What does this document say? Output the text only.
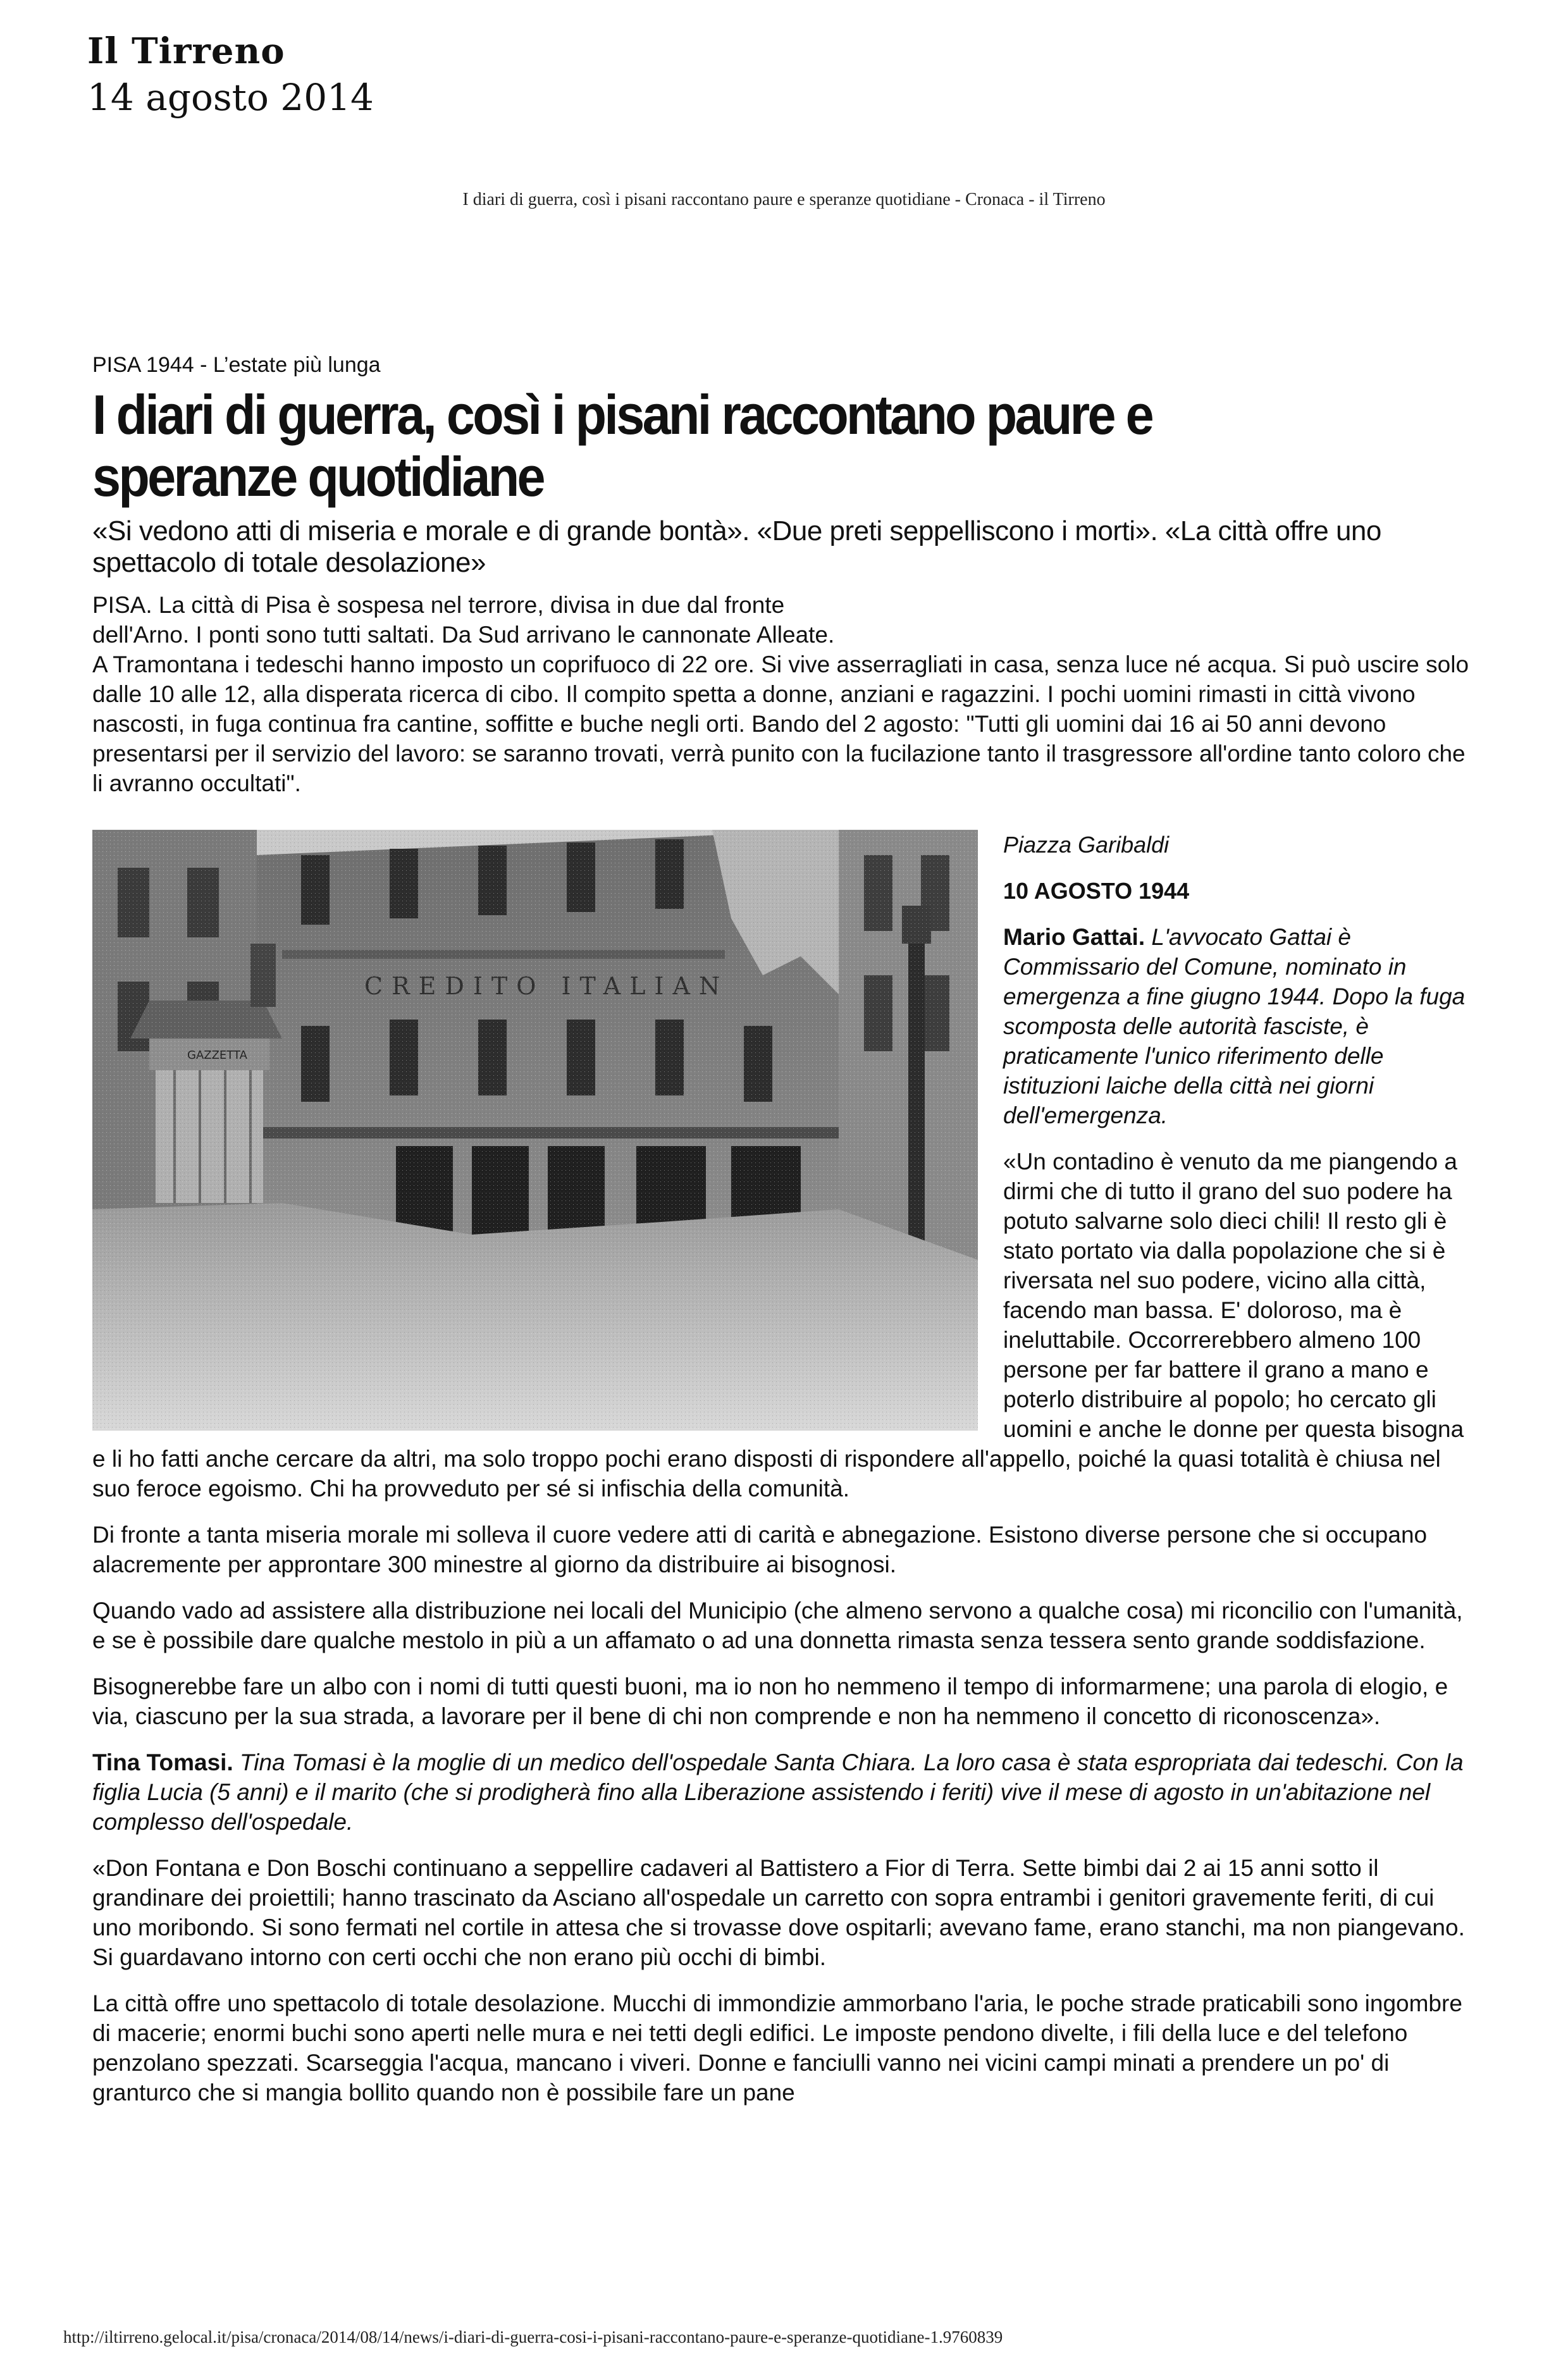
Il Tirreno
14 agosto 2014
I diari di guerra, così i pisani raccontano paure e speranze quotidiane - Cronaca - il Tirreno
PISA 1944 - L’estate più lunga
I diari di guerra, così i pisani raccontano paure e
speranze quotidiane
«Si vedono atti di miseria e morale e di grande bontà». «Due preti seppelliscono i morti». «La città offre uno spettacolo di totale desolazione»

PISA. La città di Pisa è sospesa nel terrore, divisa in due dal fronte

dell'Arno. I ponti sono tutti saltati. Da Sud arrivano le cannonate Alleate.

A Tramontana i tedeschi hanno imposto un coprifuoco di 22 ore. Si vive asserragliati in casa, senza luce né acqua. Si può uscire solo dalle 10 alle 12, alla disperata ricerca di cibo. Il compito spetta a donne, anziani e ragazzini. I pochi uomini rimasti in città vivono nascosti, in fuga continua fra cantine, soffitte e buche negli orti. Bando del 2 agosto: "Tutti gli uomini dai 16 ai 50 anni devono presentarsi per il servizio del lavoro: se saranno trovati, verrà punito con la fucilazione tanto il trasgressore all'ordine tanto coloro che li avranno occultati".

Piazza Garibaldi
10 AGOSTO 1944

Mario Gattai. L'avvocato Gattai è Commissario del Comune, nominato in emergenza a fine giugno 1944. Dopo la fuga scomposta delle autorità fasciste, è praticamente l'unico riferimento delle istituzioni laiche della città nei giorni dell'emergenza.

«Un contadino è venuto da me piangendo a dirmi che di tutto il grano del suo podere ha potuto salvarne solo dieci chili! Il resto gli è stato portato via dalla popolazione che si è riversata nel suo podere, vicino alla città, facendo man bassa. E' doloroso, ma è ineluttabile. Occorrerebbero almeno 100 persone per far battere il grano a mano e poterlo distribuire al popolo; ho cercato gli uomini e anche le donne per questa bisogna e li ho fatti anche cercare da altri, ma solo troppo pochi erano disposti di rispondere all'appello, poiché la quasi totalità è chiusa nel suo feroce egoismo. Chi ha provveduto per sé si infischia della comunità.

Di fronte a tanta miseria morale mi solleva il cuore vedere atti di carità e abnegazione. Esistono diverse persone che si occupano alacremente per approntare 300 minestre al giorno da distribuire ai bisognosi.

Quando vado ad assistere alla distribuzione nei locali del Municipio (che almeno servono a qualche cosa) mi riconcilio con l'umanità, e se è possibile dare qualche mestolo in più a un affamato o ad una donnetta rimasta senza tessera sento grande soddisfazione.

Bisognerebbe fare un albo con i nomi di tutti questi buoni, ma io non ho nemmeno il tempo di informarmene; una parola di elogio, e via, ciascuno per la sua strada, a lavorare per il bene di chi non comprende e non ha nemmeno il concetto di riconoscenza».

Tina Tomasi. Tina Tomasi è la moglie di un medico dell'ospedale Santa Chiara. La loro casa è stata espropriata dai tedeschi. Con la figlia Lucia (5 anni) e il marito (che si prodigherà fino alla Liberazione assistendo i feriti) vive il mese di agosto in un'abitazione nel complesso dell'ospedale.

«Don Fontana e Don Boschi continuano a seppellire cadaveri al Battistero a Fior di Terra. Sette bimbi dai 2 ai 15 anni sotto il grandinare dei proiettili; hanno trascinato da Asciano all'ospedale un carretto con sopra entrambi i genitori gravemente feriti, di cui uno moribondo. Si sono fermati nel cortile in attesa che si trovasse dove ospitarli; avevano fame, erano stanchi, ma non piangevano. Si guardavano intorno con certi occhi che non erano più occhi di bimbi.

La città offre uno spettacolo di totale desolazione. Mucchi di immondizie ammorbano l'aria, le poche strade praticabili sono ingombre di macerie; enormi buchi sono aperti nelle mura e nei tetti degli edifici. Le imposte pendono divelte, i fili della luce e del telefono penzolano spezzati. Scarseggia l'acqua, mancano i viveri. Donne e fanciulli vanno nei vicini campi minati a prendere un po' di granturco che si mangia bollito quando non è possibile fare un pane

http://iltirreno.gelocal.it/pisa/cronaca/2014/08/14/news/i-diari-di-guerra-cosi-i-pisani-raccontano-paure-e-speranze-quotidiane-1.9760839
